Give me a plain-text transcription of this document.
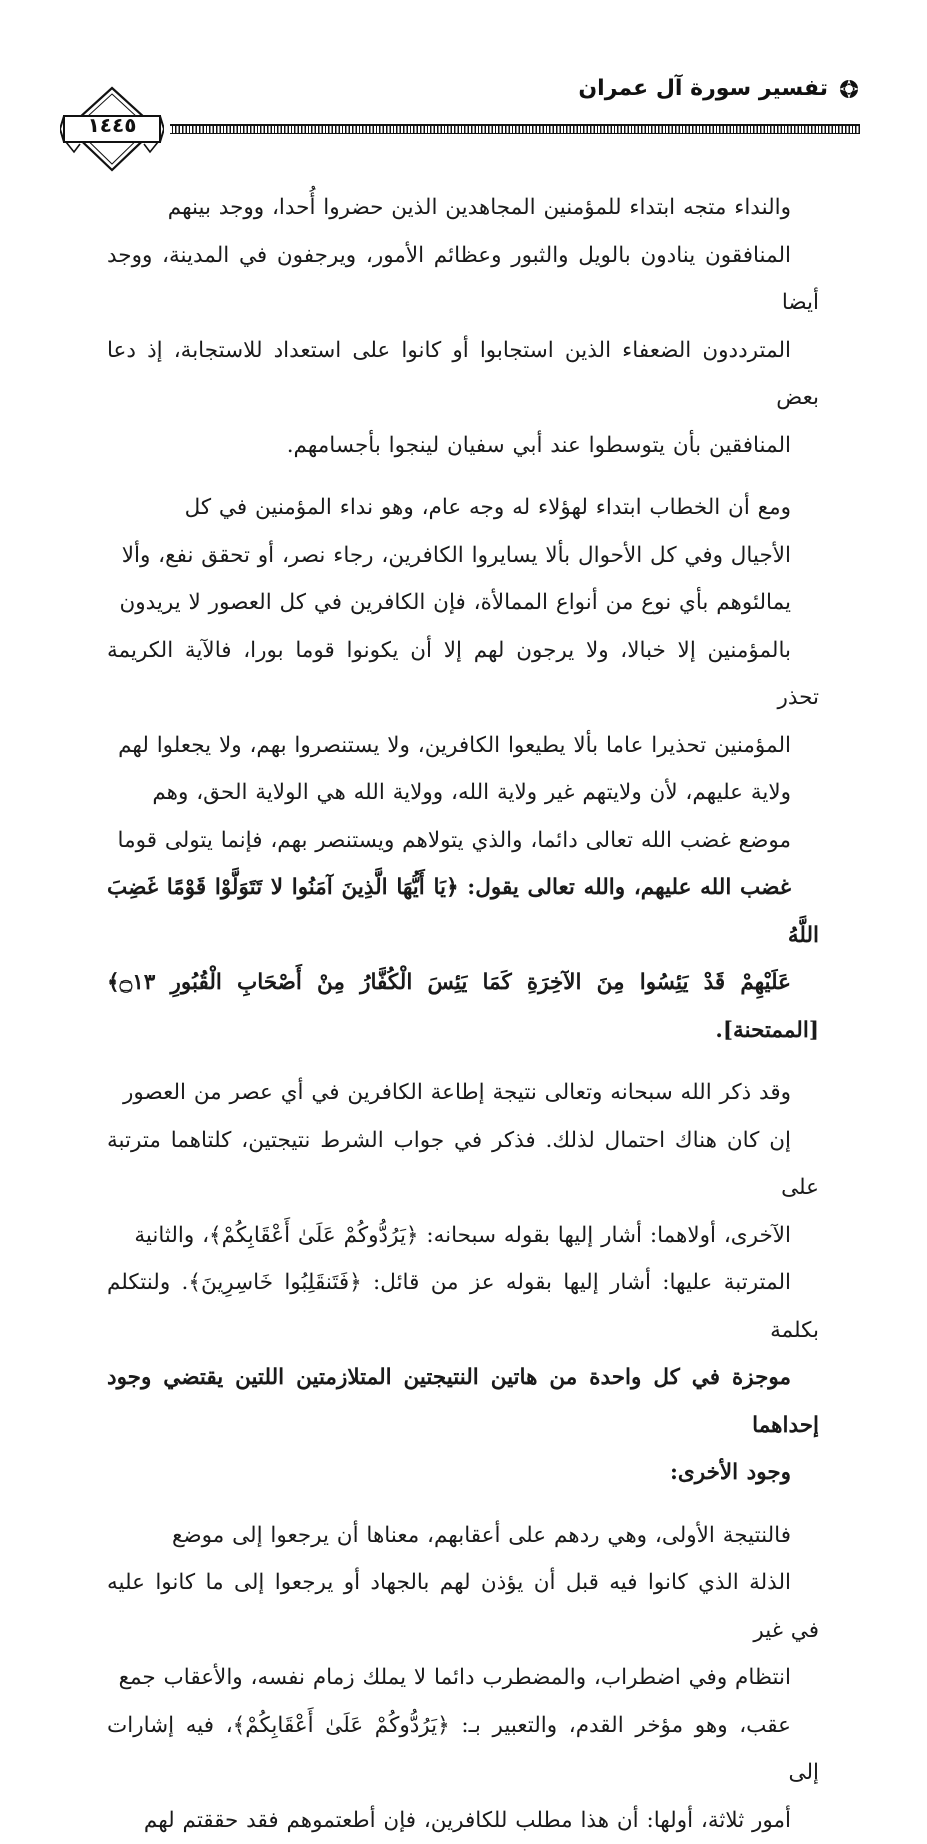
تفسير سورة آل عمران
١٤٤٥

والنداء متجه ابتداء للمؤمنين المجاهدين الذين حضروا أُحدا، ووجد بينهم
المنافقون ينادون بالويل والثبور وعظائم الأمور، ويرجفون في المدينة، ووجد أيضا
المترددون الضعفاء الذين استجابوا أو كانوا على استعداد للاستجابة، إذ دعا بعض
المنافقين بأن يتوسطوا عند أبي سفيان لينجوا بأجسامهم.

ومع أن الخطاب ابتداء لهؤلاء له وجه عام، وهو نداء المؤمنين في كل
الأجيال وفي كل الأحوال بألا يسايروا الكافرين، رجاء نصر، أو تحقق نفع، وألا
يمالئوهم بأي نوع من أنواع الممالأة، فإن الكافرين في كل العصور لا يريدون
بالمؤمنين إلا خبالا، ولا يرجون لهم إلا أن يكونوا قوما بورا، فالآية الكريمة تحذر
المؤمنين تحذيرا عاما بألا يطيعوا الكافرين، ولا يستنصروا بهم، ولا يجعلوا لهم
ولاية عليهم، لأن ولايتهم غير ولاية الله، وولاية الله هي الولاية الحق، وهم
موضع غضب الله تعالى دائما، والذي يتولاهم ويستنصر بهم، فإنما يتولى قوما
غضب الله عليهم، والله تعالى يقول: ﴿يَا أَيُّهَا الَّذِينَ آمَنُوا لا تَتَوَلَّوْا قَوْمًا غَضِبَ اللَّهُ
عَلَيْهِمْ قَدْ يَئِسُوا مِنَ الآخِرَةِ كَمَا يَئِسَ الْكُفَّارُ مِنْ أَصْحَابِ الْقُبُورِ ۝١٣﴾ [الممتحنة].

وقد ذكر الله سبحانه وتعالى نتيجة إطاعة الكافرين في أي عصر من العصور
إن كان هناك احتمال لذلك. فذكر في جواب الشرط نتيجتين، كلتاهما مترتبة على
الآخرى، أولاهما: أشار إليها بقوله سبحانه: ﴿يَرُدُّوكُمْ عَلَىٰ أَعْقَابِكُمْ﴾، والثانية
المترتبة عليها: أشار إليها بقوله عز من قائل: ﴿فَتَنقَلِبُوا خَاسِرِينَ﴾. ولنتكلم بكلمة
موجزة في كل واحدة من هاتين النتيجتين المتلازمتين اللتين يقتضي وجود إحداهما
وجود الأخرى:

فالنتيجة الأولى، وهي ردهم على أعقابهم، معناها أن يرجعوا إلى موضع
الذلة الذي كانوا فيه قبل أن يؤذن لهم بالجهاد أو يرجعوا إلى ما كانوا عليه في غير
انتظام وفي اضطراب، والمضطرب دائما لا يملك زمام نفسه، والأعقاب جمع
عقب، وهو مؤخر القدم، والتعبير بـ: ﴿يَرُدُّوكُمْ عَلَىٰ أَعْقَابِكُمْ﴾، فيه إشارات إلى
أمور ثلاثة، أولها: أن هذا مطلب للكافرين، فإن أطعتموهم فقد حققتم لهم
